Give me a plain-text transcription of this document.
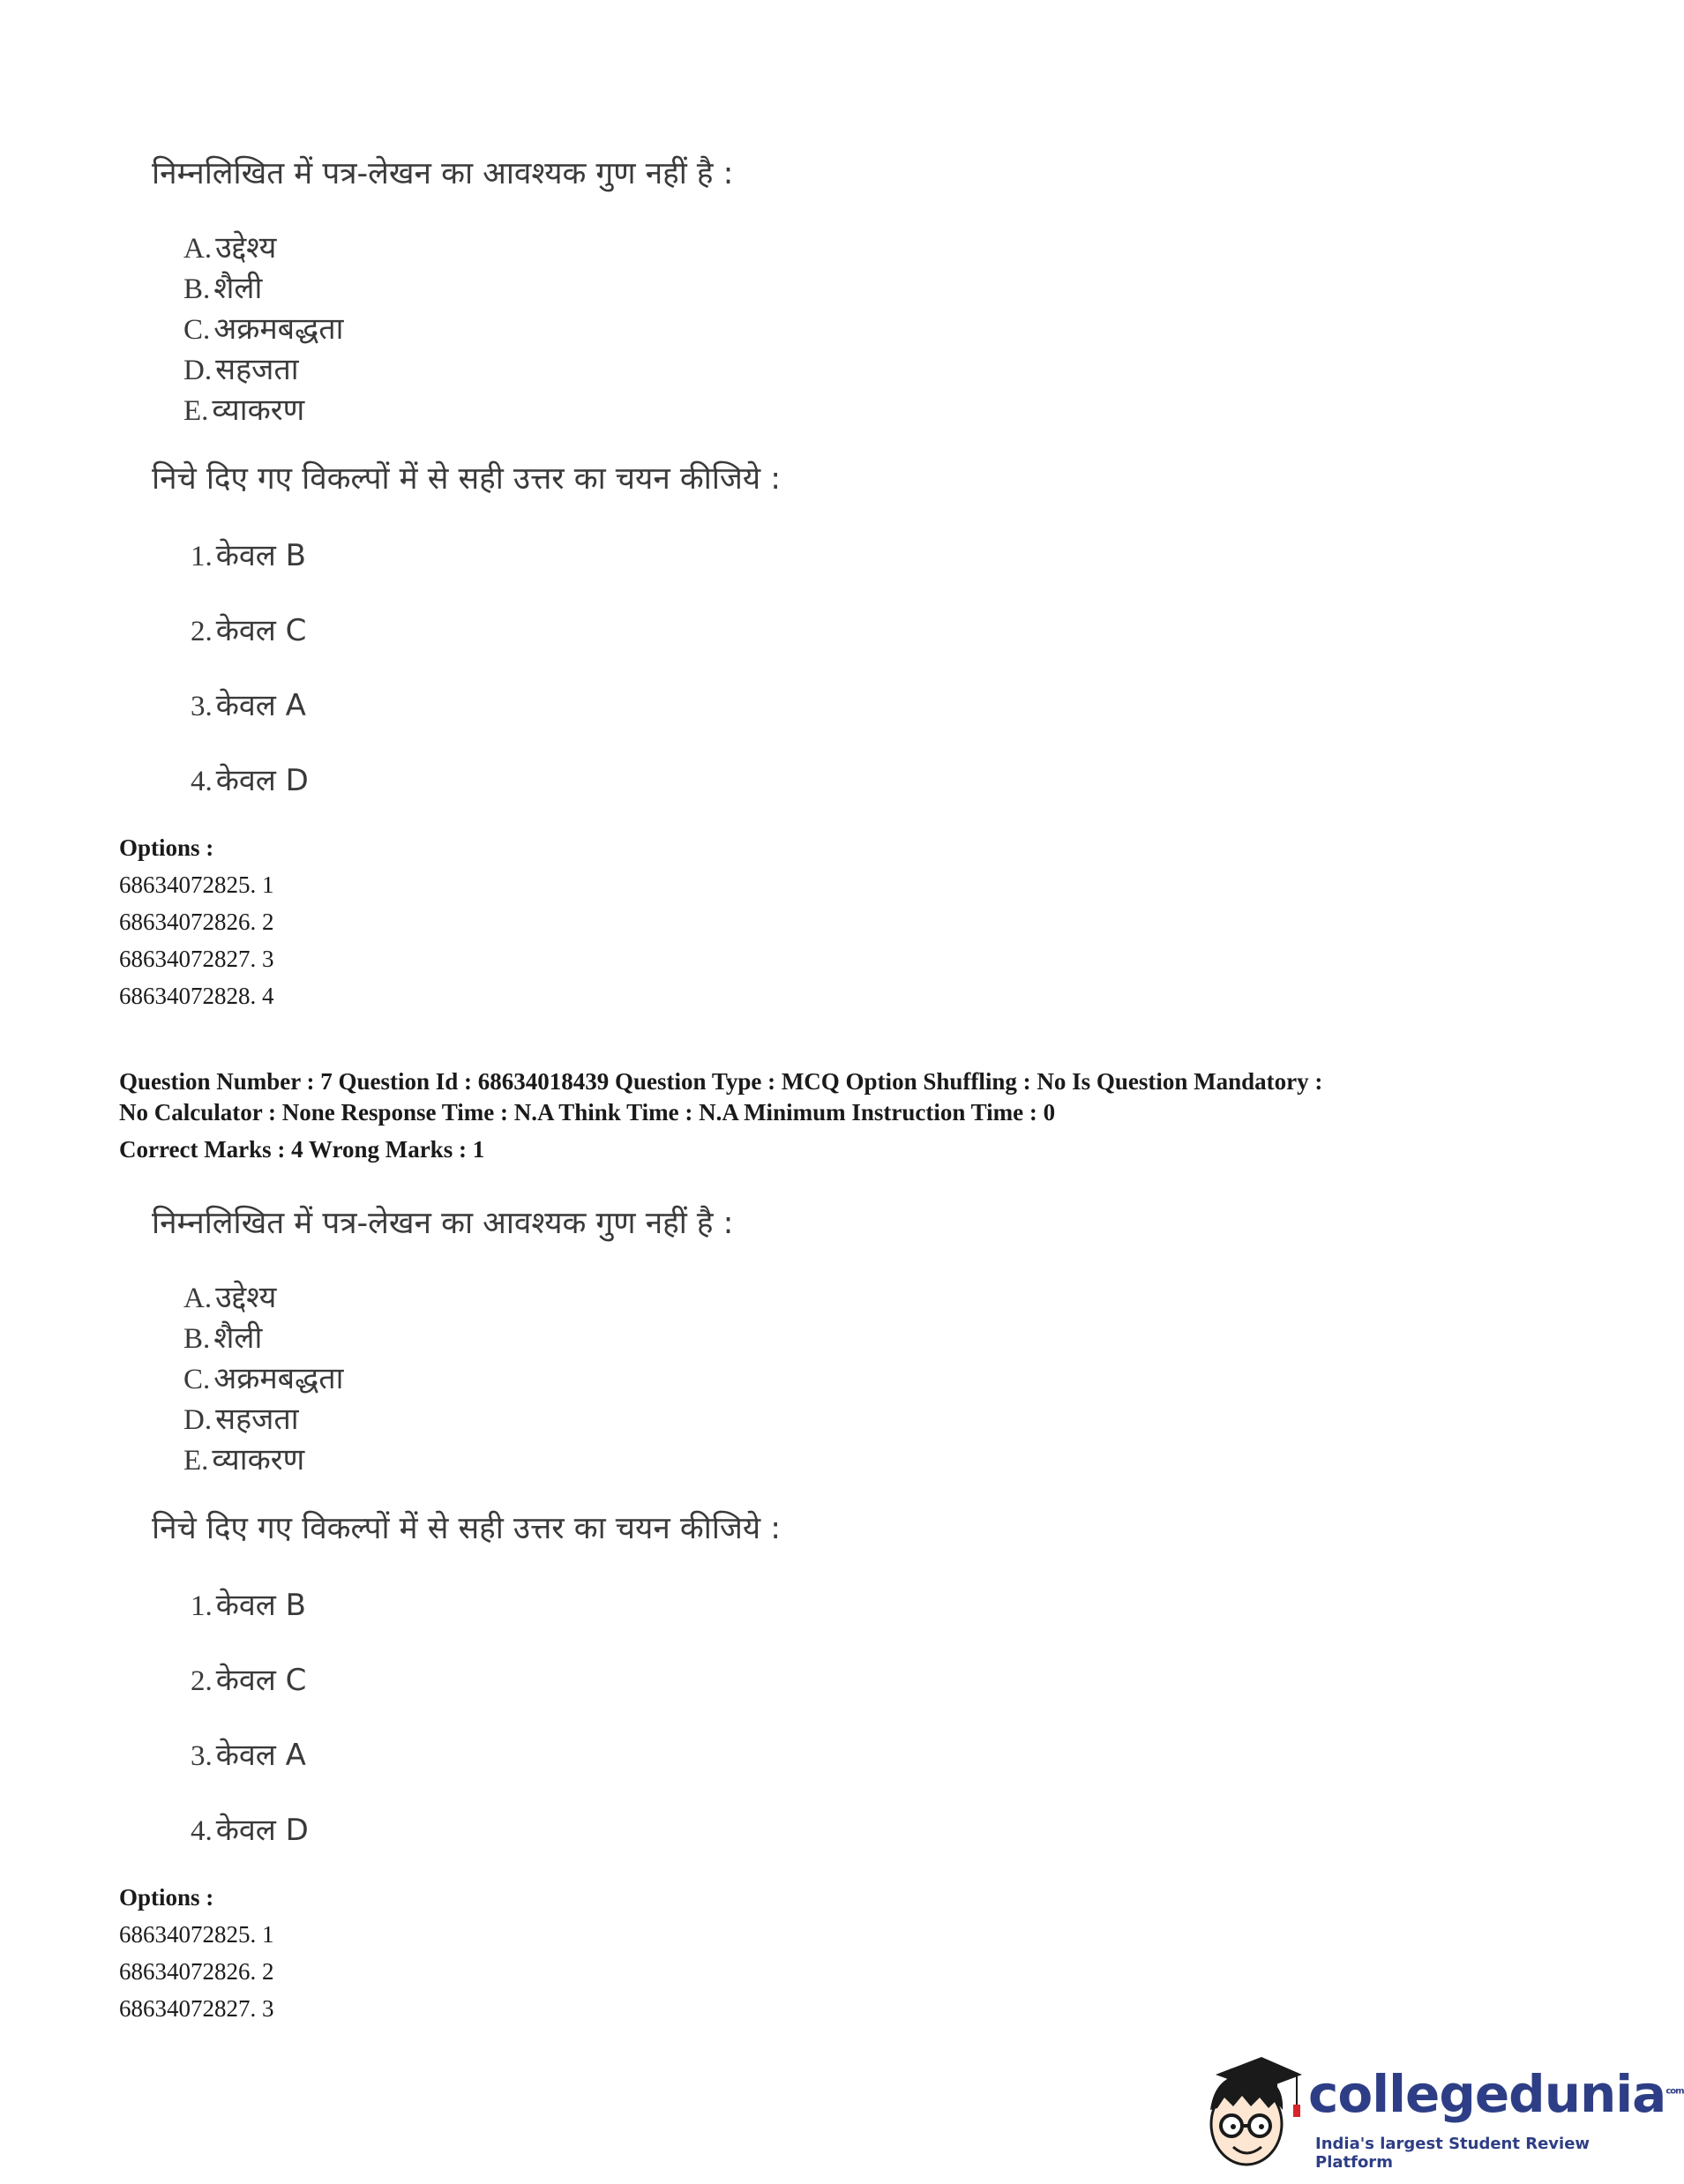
निम्नलिखित में पत्र-लेखन का आवश्यक गुण नहीं है :
A. उद्देश्य
B. शैली
C. अक्रमबद्धता
D. सहजता
E. व्याकरण
निचे दिए गए विकल्पों में से सही उत्तर का चयन कीजिये :
1. केवल B
2. केवल C
3. केवल A
4. केवल D
Options :
68634072825. 1
68634072826. 2
68634072827. 3
68634072828. 4
Question Number : 7 Question Id : 68634018439 Question Type : MCQ Option Shuffling : No Is Question Mandatory :
No Calculator : None Response Time : N.A Think Time : N.A Minimum Instruction Time : 0
Correct Marks : 4 Wrong Marks : 1
निम्नलिखित में पत्र-लेखन का आवश्यक गुण नहीं है :
A. उद्देश्य
B. शैली
C. अक्रमबद्धता
D. सहजता
E. व्याकरण
निचे दिए गए विकल्पों में से सही उत्तर का चयन कीजिये :
1. केवल B
2. केवल C
3. केवल A
4. केवल D
Options :
68634072825. 1
68634072826. 2
68634072827. 3
collegedunia$^{com}$
India's largest Student Review Platform
